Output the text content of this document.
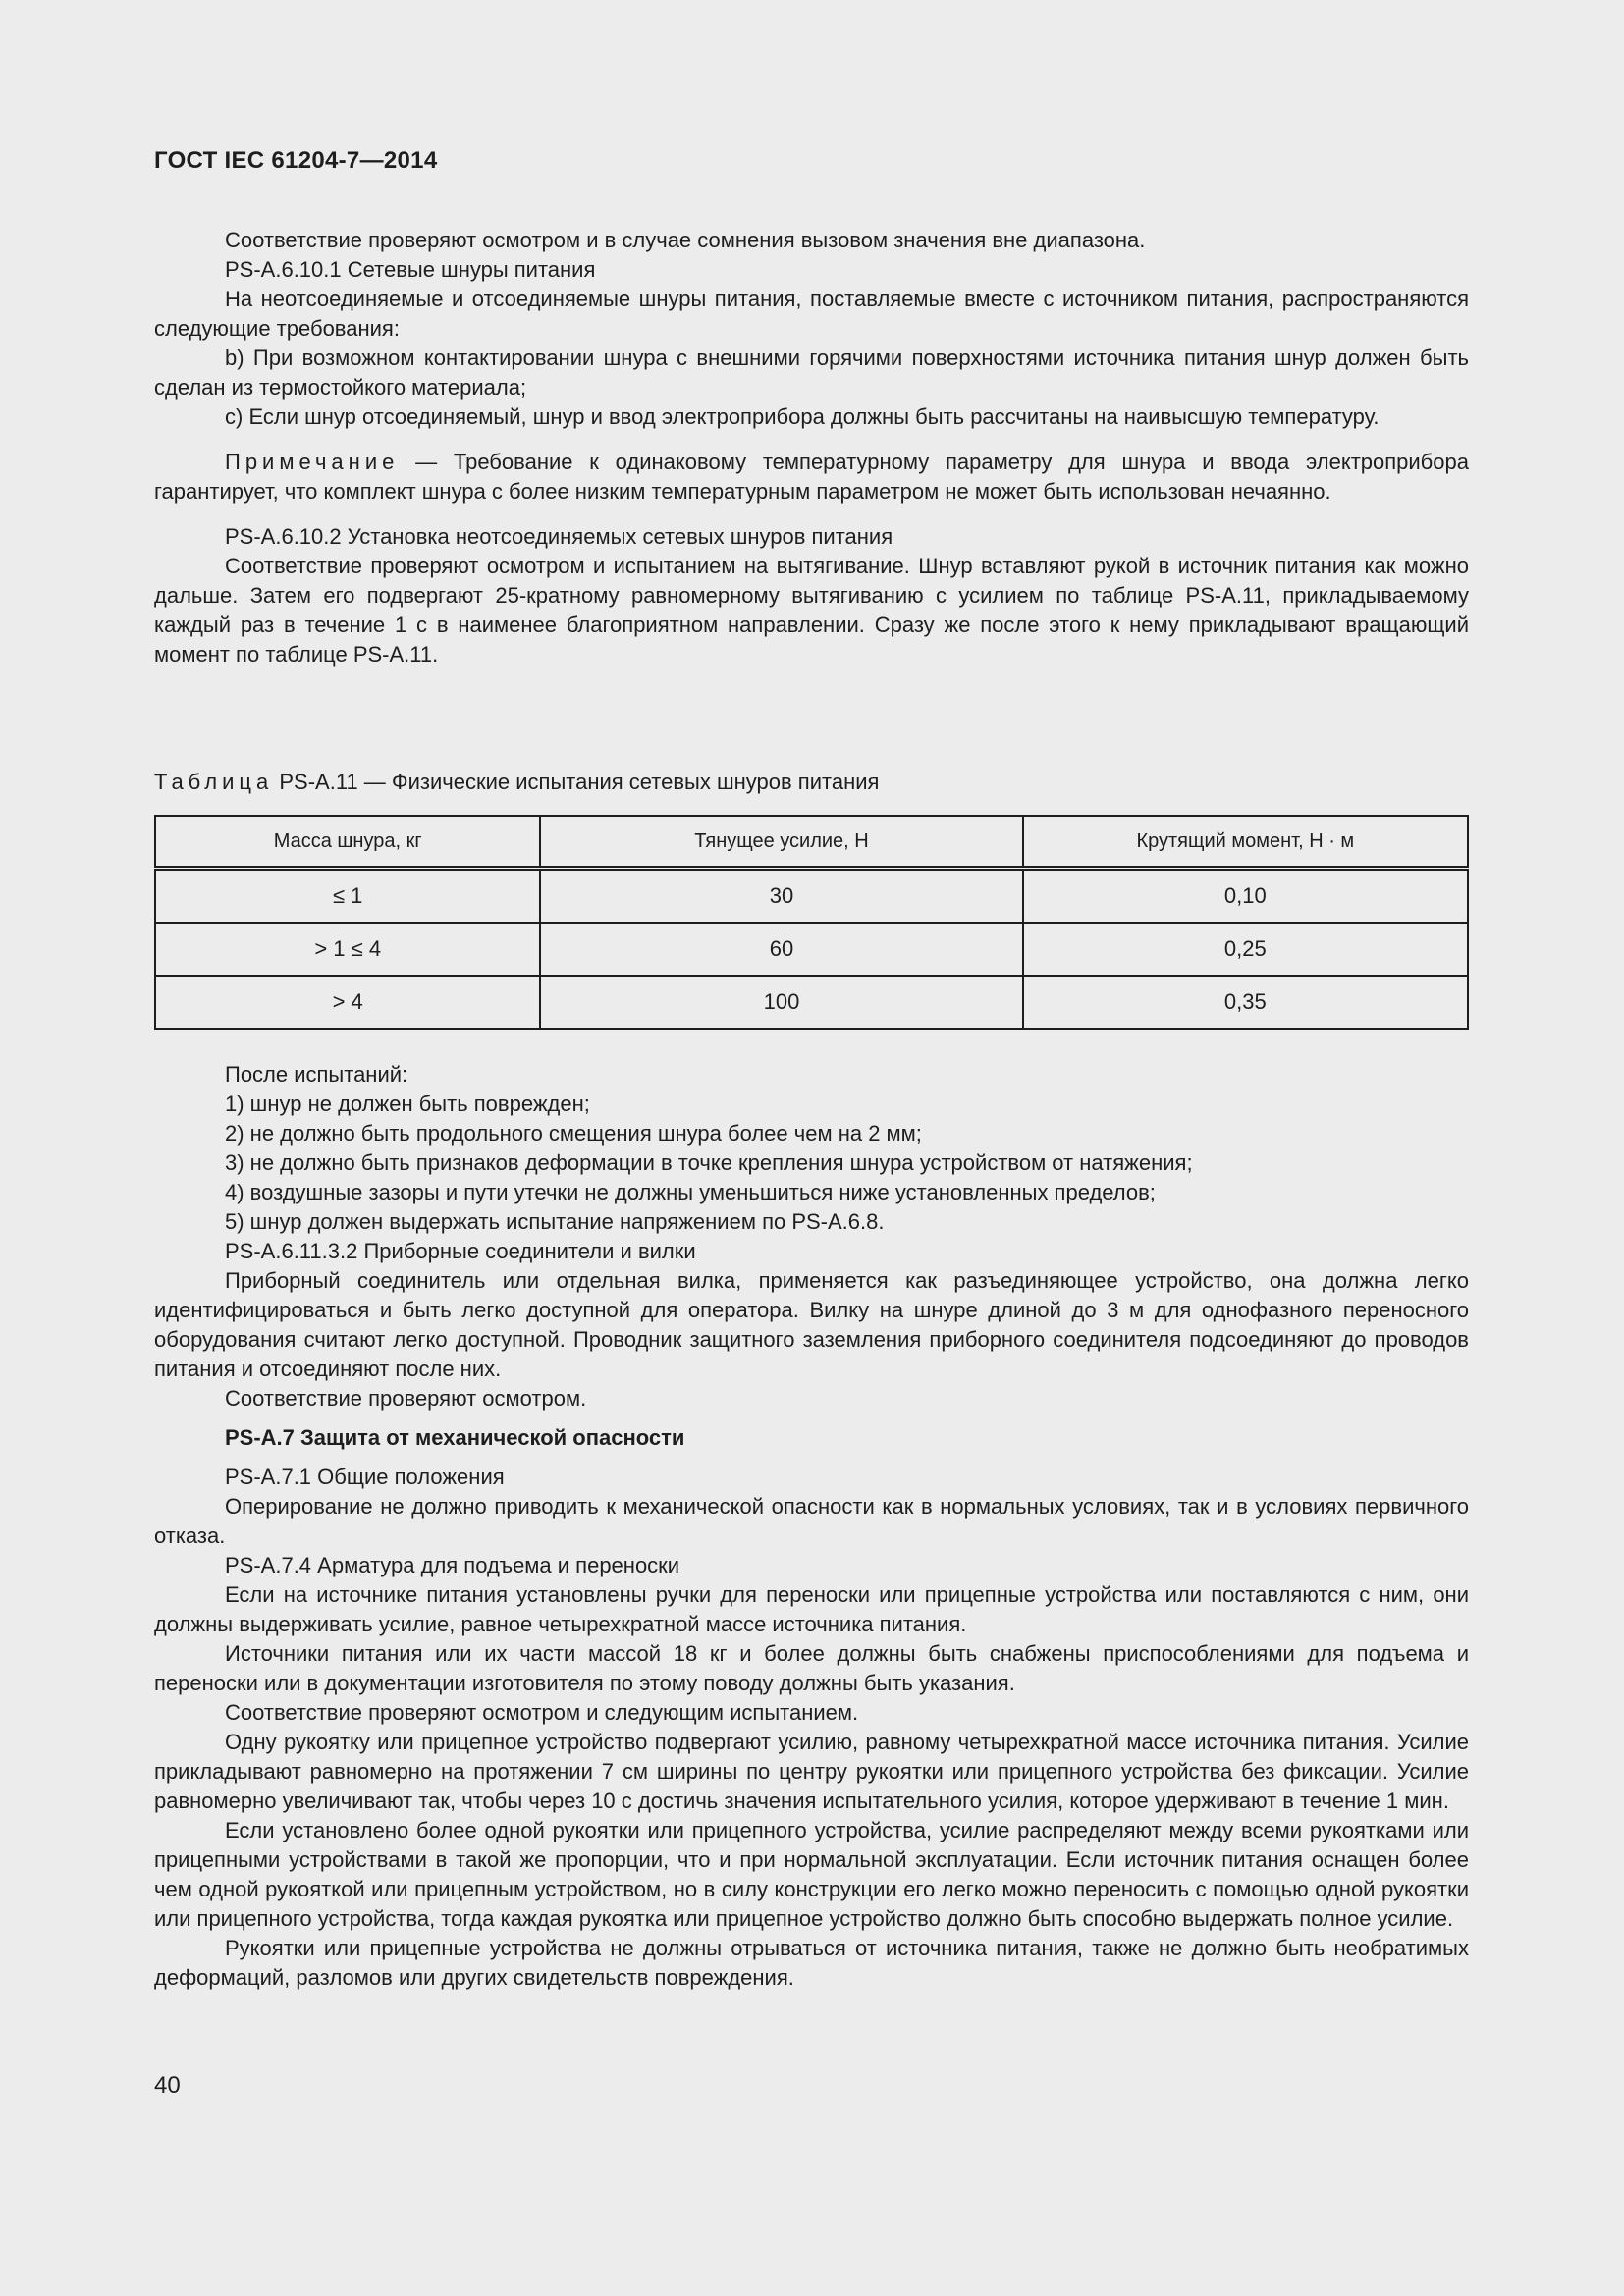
ГОСТ IEC 61204-7—2014

Соответствие проверяют осмотром и в случае сомнения вызовом значения вне диапазона.

PS-A.6.10.1 Сетевые шнуры питания

На неотсоединяемые и отсоединяемые шнуры питания, поставляемые вместе с источником питания, распространяются следующие требования:

b) При возможном контактировании шнура с внешними горячими поверхностями источника питания шнур должен быть сделан из термостойкого материала;

c) Если шнур отсоединяемый, шнур и ввод электроприбора должны быть рассчитаны на наивысшую температуру.

Примечание — Требование к одинаковому температурному параметру для шнура и ввода электроприбора гарантирует, что комплект шнура с более низким температурным параметром не может быть использован нечаянно.

PS-A.6.10.2 Установка неотсоединяемых сетевых шнуров питания

Соответствие проверяют осмотром и испытанием на вытягивание. Шнур вставляют рукой в источник питания как можно дальше. Затем его подвергают 25-кратному равномерному вытягиванию с усилием по таблице PS-A.11, прикладываемому каждый раз в течение 1 с в наименее благоприятном направлении. Сразу же после этого к нему прикладывают вращающий момент по таблице PS-A.11.

Таблица PS-A.11 — Физические испытания сетевых шнуров питания
Масса шнура, кг	Тянущее усилие, Н	Крутящий момент, Н · м
≤ 1	30	0,10
> 1 ≤ 4	60	0,25
> 4	100	0,35

После испытаний:

1) шнур не должен быть поврежден;

2) не должно быть продольного смещения шнура более чем на 2 мм;

3) не должно быть признаков деформации в точке крепления шнура устройством от натяжения;

4) воздушные зазоры и пути утечки не должны уменьшиться ниже установленных пределов;

5) шнур должен выдержать испытание напряжением по PS-A.6.8.

PS-A.6.11.3.2 Приборные соединители и вилки

Приборный соединитель или отдельная вилка, применяется как разъединяющее устройство, она должна легко идентифицироваться и быть легко доступной для оператора. Вилку на шнуре длиной до 3 м для однофазного переносного оборудования считают легко доступной. Проводник защитного заземления приборного соединителя подсоединяют до проводов питания и отсоединяют после них.

Соответствие проверяют осмотром.

PS-A.7 Защита от механической опасности

PS-A.7.1 Общие положения

Оперирование не должно приводить к механической опасности как в нормальных условиях, так и в условиях первичного отказа.

PS-A.7.4 Арматура для подъема и переноски

Если на источнике питания установлены ручки для переноски или прицепные устройства или поставляются с ним, они должны выдерживать усилие, равное четырехкратной массе источника питания.

Источники питания или их части массой 18 кг и более должны быть снабжены приспособлениями для подъема и переноски или в документации изготовителя по этому поводу должны быть указания.

Соответствие проверяют осмотром и следующим испытанием.

Одну рукоятку или прицепное устройство подвергают усилию, равному четырехкратной массе источника питания. Усилие прикладывают равномерно на протяжении 7 см ширины по центру рукоятки или прицепного устройства без фиксации. Усилие равномерно увеличивают так, чтобы через 10 с достичь значения испытательного усилия, которое удерживают в течение 1 мин.

Если установлено более одной рукоятки или прицепного устройства, усилие распределяют между всеми рукоятками или прицепными устройствами в такой же пропорции, что и при нормальной эксплуатации. Если источник питания оснащен более чем одной рукояткой или прицепным устройством, но в силу конструкции его легко можно переносить с помощью одной рукоятки или прицепного устройства, тогда каждая рукоятка или прицепное устройство должно быть способно выдержать полное усилие.

Рукоятки или прицепные устройства не должны отрываться от источника питания, также не должно быть необратимых деформаций, разломов или других свидетельств повреждения.

40
